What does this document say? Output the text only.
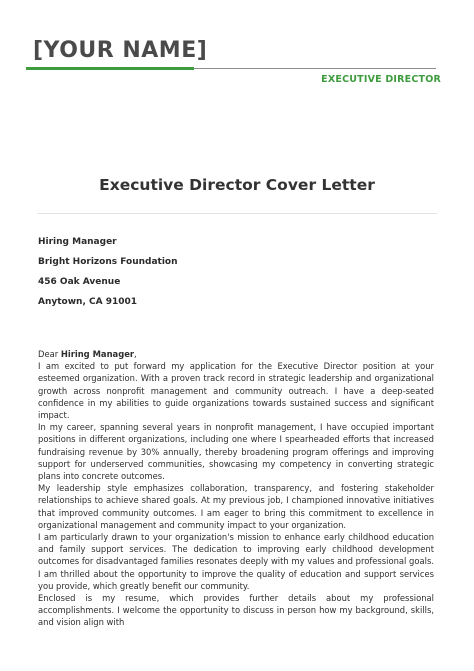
[YOUR NAME]
EXECUTIVE DIRECTOR
Executive Director Cover Letter
Hiring Manager
Bright Horizons Foundation
456 Oak Avenue
Anytown, CA 91001

Dear Hiring Manager,

I am excited to put forward my application for the Executive Director position at your esteemed organization. With a proven track record in strategic leadership and organizational growth across nonprofit management and community outreach. I have a deep-seated confidence in my abilities to guide organizations towards sustained success and significant impact.

In my career, spanning several years in nonprofit management, I have occupied important positions in different organizations, including one where I spearheaded efforts that increased fundraising revenue by 30% annually, thereby broadening program offerings and improving support for underserved communities, showcasing my competency in converting strategic plans into concrete outcomes.

My leadership style emphasizes collaboration, transparency, and fostering stakeholder relationships to achieve shared goals. At my previous job, I championed innovative initiatives that improved community outcomes. I am eager to bring this commitment to excellence in organizational management and community impact to your organization.

I am particularly drawn to your organization's mission to enhance early childhood education and family support services. The dedication to improving early childhood development outcomes for disadvantaged families resonates deeply with my values and professional goals. I am thrilled about the opportunity to improve the quality of education and support services you provide, which greatly benefit our community.

Enclosed is my resume, which provides further details about my professional accomplishments. I welcome the opportunity to discuss in person how my background, skills, and vision align with
